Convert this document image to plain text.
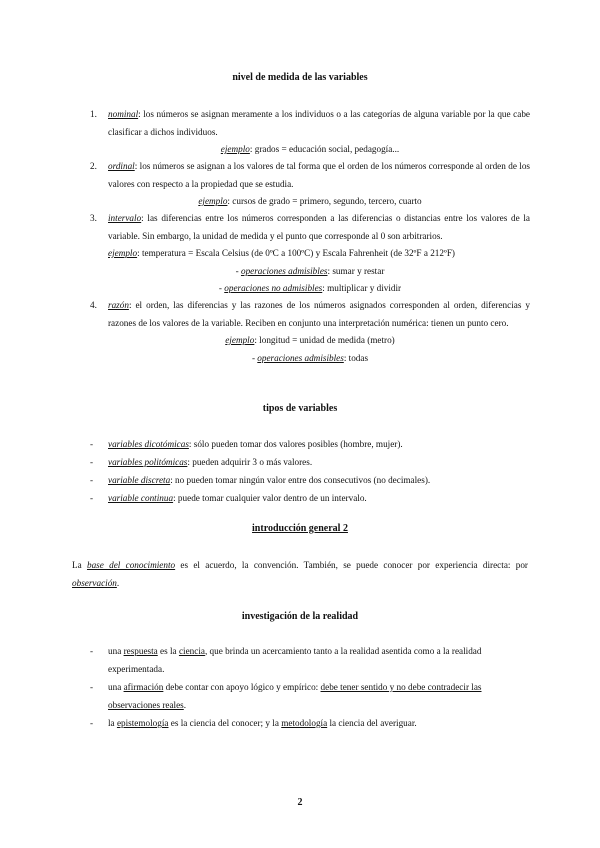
nivel de medida de las variables
1. nominal: los números se asignan meramente a los individuos o a las categorías de alguna variable por la que cabe clasificar a dichos individuos.
ejemplo: grados = educación social, pedagogía...
2. ordinal: los números se asignan a los valores de tal forma que el orden de los números corresponde al orden de los valores con respecto a la propiedad que se estudia.
ejemplo: cursos de grado = primero, segundo, tercero, cuarto
3. intervalo: las diferencias entre los números corresponden a las diferencias o distancias entre los valores de la variable. Sin embargo, la unidad de medida y el punto que corresponde al 0 son arbitrarios.
ejemplo: temperatura = Escala Celsius (de 0ºC a 100ºC) y Escala Fahrenheit (de 32ºF a 212ºF)
- operaciones admisibles: sumar y restar
- operaciones no admisibles: multiplicar y dividir
4. razón: el orden, las diferencias y las razones de los números asignados corresponden al orden, diferencias y razones de los valores de la variable. Reciben en conjunto una interpretación numérica: tienen un punto cero.
ejemplo: longitud = unidad de medida (metro)
- operaciones admisibles: todas
tipos de variables
- variables dicotómicas: sólo pueden tomar dos valores posibles (hombre, mujer).
- variables politómicas: pueden adquirir 3 o más valores.
- variable discreta: no pueden tomar ningún valor entre dos consecutivos (no decimales).
- variable continua: puede tomar cualquier valor dentro de un intervalo.
introducción general 2
La base del conocimiento es el acuerdo, la convención. También, se puede conocer por experiencia directa: por observación.
investigación de la realidad
- una respuesta es la ciencia, que brinda un acercamiento tanto a la realidad asentida como a la realidad experimentada.
- una afirmación debe contar con apoyo lógico y empírico: debe tener sentido y no debe contradecir las observaciones reales.
- la epistemología es la ciencia del conocer; y la metodología la ciencia del averiguar.
2
